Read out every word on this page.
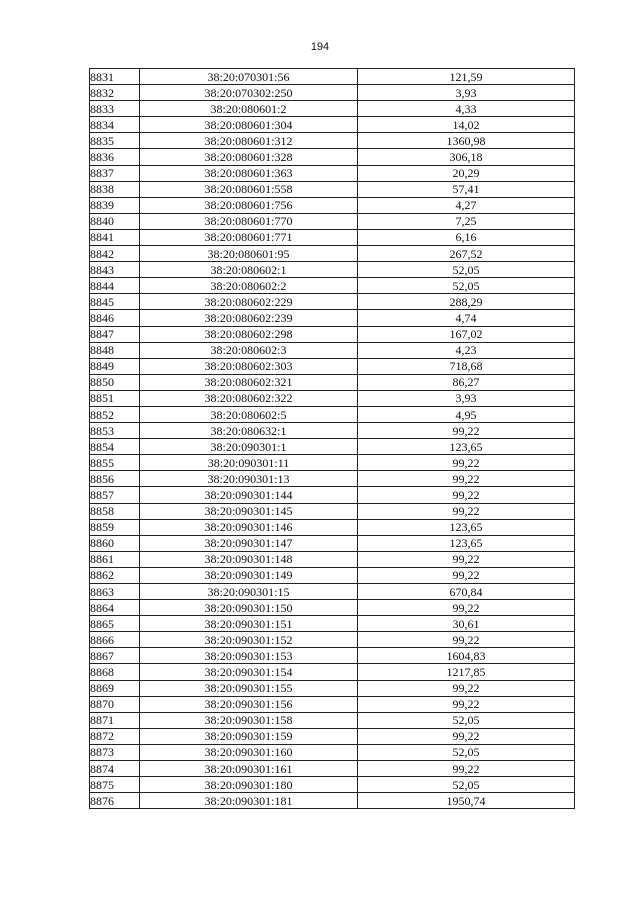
194
8831	38:20:070301:56	121,59
8832	38:20:070302:250	3,93
8833	38:20:080601:2	4,33
8834	38:20:080601:304	14,02
8835	38:20:080601:312	1360,98
8836	38:20:080601:328	306,18
8837	38:20:080601:363	20,29
8838	38:20:080601:558	57,41
8839	38:20:080601:756	4,27
8840	38:20:080601:770	7,25
8841	38:20:080601:771	6,16
8842	38:20:080601:95	267,52
8843	38:20:080602:1	52,05
8844	38:20:080602:2	52,05
8845	38:20:080602:229	288,29
8846	38:20:080602:239	4,74
8847	38:20:080602:298	167,02
8848	38:20:080602:3	4,23
8849	38:20:080602:303	718,68
8850	38:20:080602:321	86,27
8851	38:20:080602:322	3,93
8852	38:20:080602:5	4,95
8853	38:20:080632:1	99,22
8854	38:20:090301:1	123,65
8855	38:20:090301:11	99,22
8856	38:20:090301:13	99,22
8857	38:20:090301:144	99,22
8858	38:20:090301:145	99,22
8859	38:20:090301:146	123,65
8860	38:20:090301:147	123,65
8861	38:20:090301:148	99,22
8862	38:20:090301:149	99,22
8863	38:20:090301:15	670,84
8864	38:20:090301:150	99,22
8865	38:20:090301:151	30,61
8866	38:20:090301:152	99,22
8867	38:20:090301:153	1604,83
8868	38:20:090301:154	1217,85
8869	38:20:090301:155	99,22
8870	38:20:090301:156	99,22
8871	38:20:090301:158	52,05
8872	38:20:090301:159	99,22
8873	38:20:090301:160	52,05
8874	38:20:090301:161	99,22
8875	38:20:090301:180	52,05
8876	38:20:090301:181	1950,74
